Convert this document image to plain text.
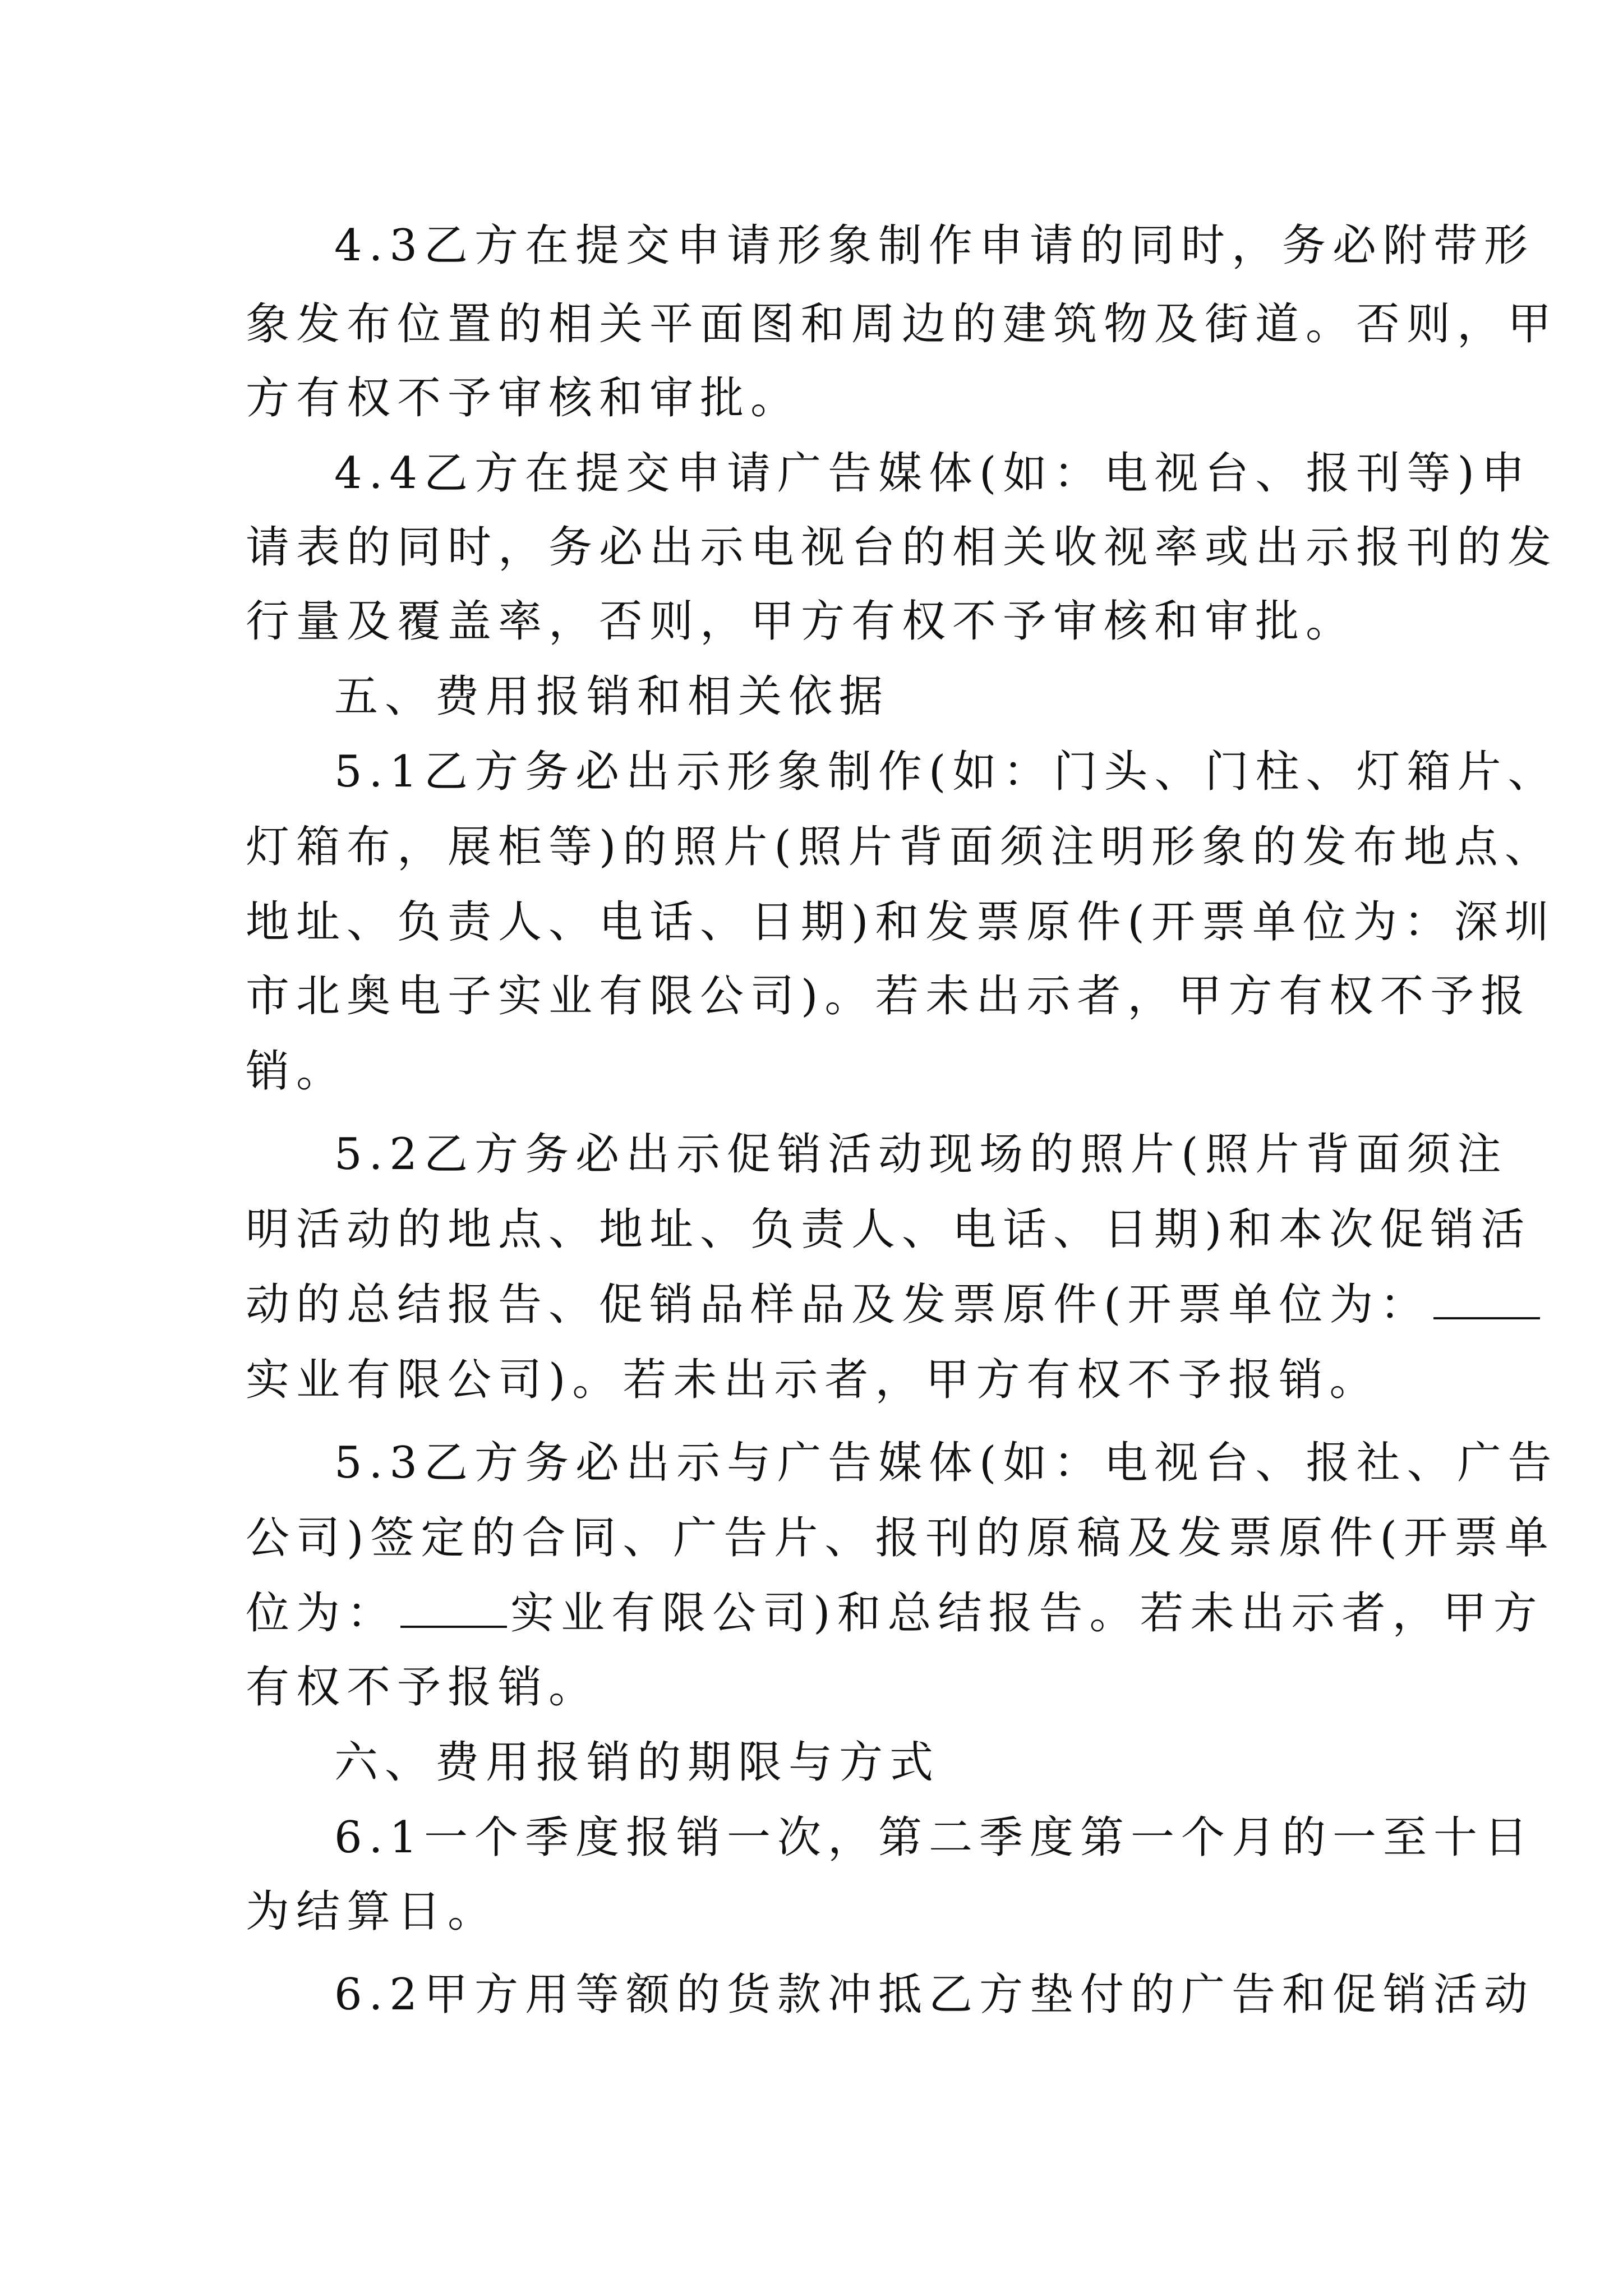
4.3乙方在提交申请形象制作申请的同时，务必附带形
象发布位置的相关平面图和周边的建筑物及街道。否则，甲
方有权不予审核和审批。
4.4乙方在提交申请广告媒体(如：电视台、报刊等)申
请表的同时，务必出示电视台的相关收视率或出示报刊的发
行量及覆盖率，否则，甲方有权不予审核和审批。
五、费用报销和相关依据
5.1乙方务必出示形象制作(如：门头、门柱、灯箱片、
灯箱布，展柜等)的照片(照片背面须注明形象的发布地点、
地址、负责人、电话、日期)和发票原件(开票单位为：深圳
市北奥电子实业有限公司)。若未出示者，甲方有权不予报
销。
5.2乙方务必出示促销活动现场的照片(照片背面须注
明活动的地点、地址、负责人、电话、日期)和本次促销活
动的总结报告、促销品样品及发票原件(开票单位为：
实业有限公司)。若未出示者，甲方有权不予报销。
5.3乙方务必出示与广告媒体(如：电视台、报社、广告
公司)签定的合同、广告片、报刊的原稿及发票原件(开票单
位为：	实业有限公司)和总结报告。若未出示者，甲方
有权不予报销。
六、费用报销的期限与方式
6.1一个季度报销一次，第二季度第一个月的一至十日
为结算日。
6.2甲方用等额的货款冲抵乙方垫付的广告和促销活动
